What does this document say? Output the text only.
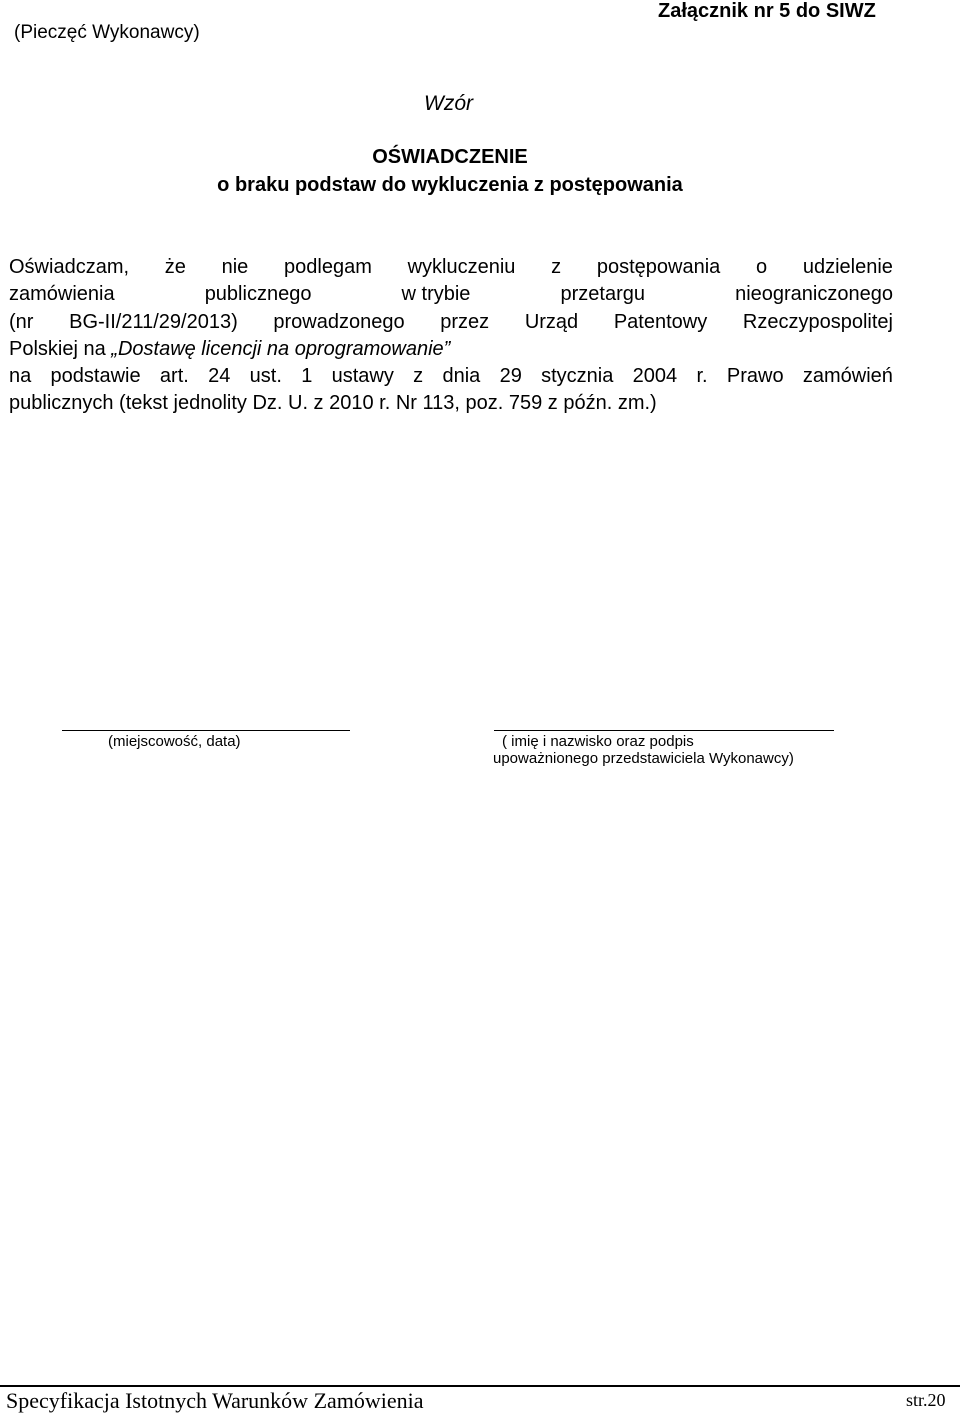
(Pieczęć Wykonawcy)
Załącznik nr 5 do SIWZ
Wzór
OŚWIADCZENIE
o braku podstaw do wykluczenia z postępowania
Oświadczam, że nie podlegam wykluczeniu z postępowania o udzielenie
zamówienia	publicznego	w trybie	przetargu	nieograniczonego
(nr BG-II/211/29/2013) prowadzonego przez Urząd Patentowy Rzeczypospolitej
Polskiej na „Dostawę licencji na oprogramowanie”
na podstawie art. 24 ust. 1 ustawy z dnia 29 stycznia 2004 r. Prawo zamówień
publicznych (tekst jednolity Dz. U. z 2010 r. Nr 113, poz. 759 z późn. zm.)
(miejscowość, data)	( imię i nazwisko oraz podpis
upoważnionego przedstawiciela Wykonawcy)
Specyfikacja Istotnych Warunków Zamówienia	str.20
